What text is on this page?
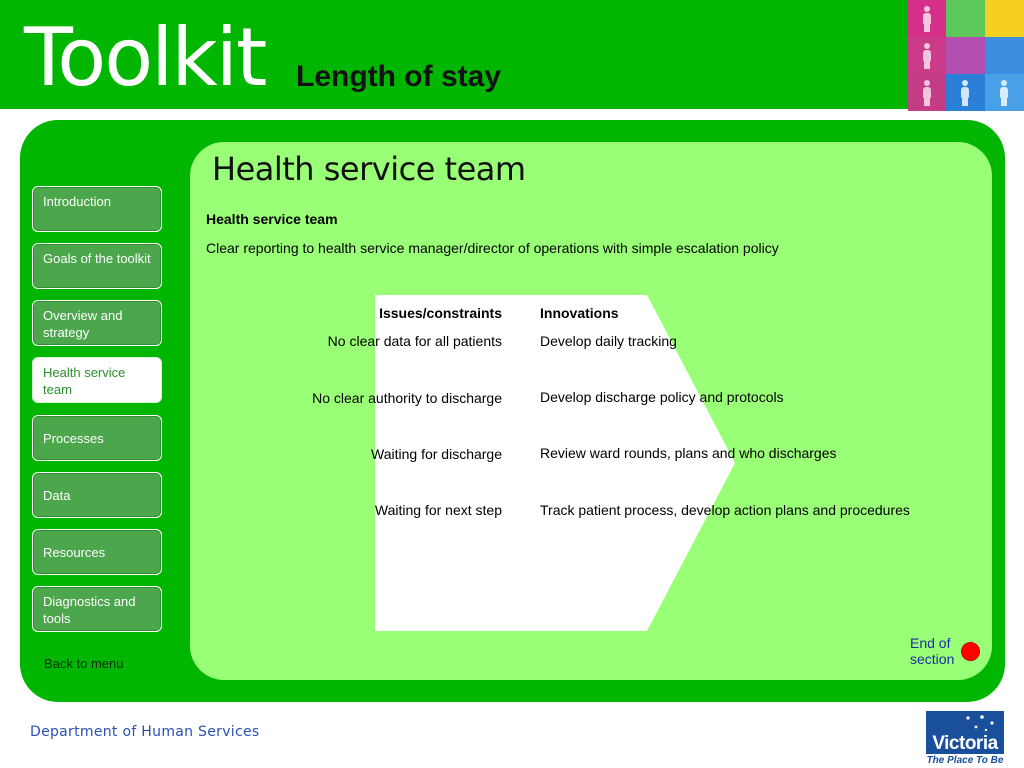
Toolkit Length of stay
Introduction
Goals of the toolkit
Overview and strategy
Health service team
Processes
Data
Resources
Diagnostics and tools
Back to menu
Health service team
Health service team
Clear reporting to health service manager/director of operations with simple escalation policy
Issues/constraints	Innovations
No clear data for all patients	Develop daily tracking
No clear authority to discharge	Develop discharge policy and protocols
Waiting for discharge	Review ward rounds, plans and who discharges
Waiting for next step	Track patient process, develop action plans and procedures
End of
section
Department of Human Services
Victoria
The Place To Be
